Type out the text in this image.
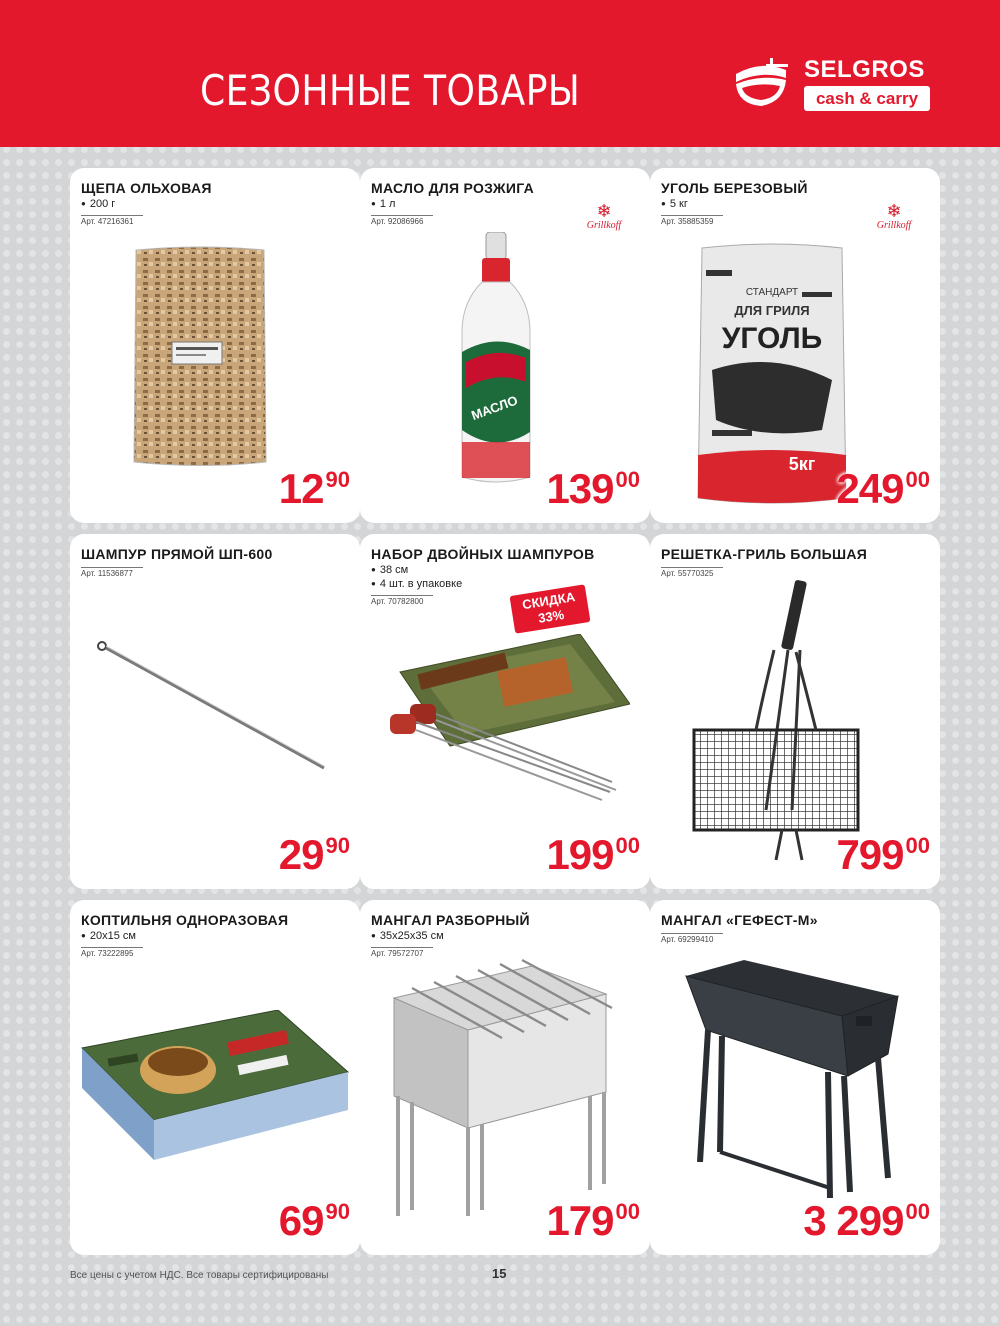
СЕЗОННЫЕ ТОВАРЫ	SELGROS
cash & carry
ЩЕПА ОЛЬХОВАЯ
● 200 г
Арт. 47216361
1290
МАСЛО ДЛЯ РОЗЖИГА
● 1 л
Арт. 92086966
❄
Grillkoff
МАСЛО
13900
УГОЛЬ БЕРЕЗОВЫЙ
● 5 кг
Арт. 35885359
❄
Grillkoff
СТАНДАРТ
ДЛЯ ГРИЛЯ
УГОЛЬ
5кг
24900
ШАМПУР ПРЯМОЙ ШП-600
Арт. 11536877
2990
НАБОР ДВОЙНЫХ ШАМПУРОВ
● 38 см
● 4 шт. в упаковке
Арт. 70782800	СКИДКА
33%
19900
РЕШЕТКА-ГРИЛЬ БОЛЬШАЯ
Арт. 55770325
79900
КОПТИЛЬНЯ ОДНОРАЗОВАЯ
● 20х15 см
Арт. 73222895
6990
МАНГАЛ РАЗБОРНЫЙ
● 35х25х35 см
Арт. 79572707
17900
МАНГАЛ «ГЕФЕСТ-М»
Арт. 69299410
3 29900
Все цены с учетом НДС. Все товары сертифицированы	15
